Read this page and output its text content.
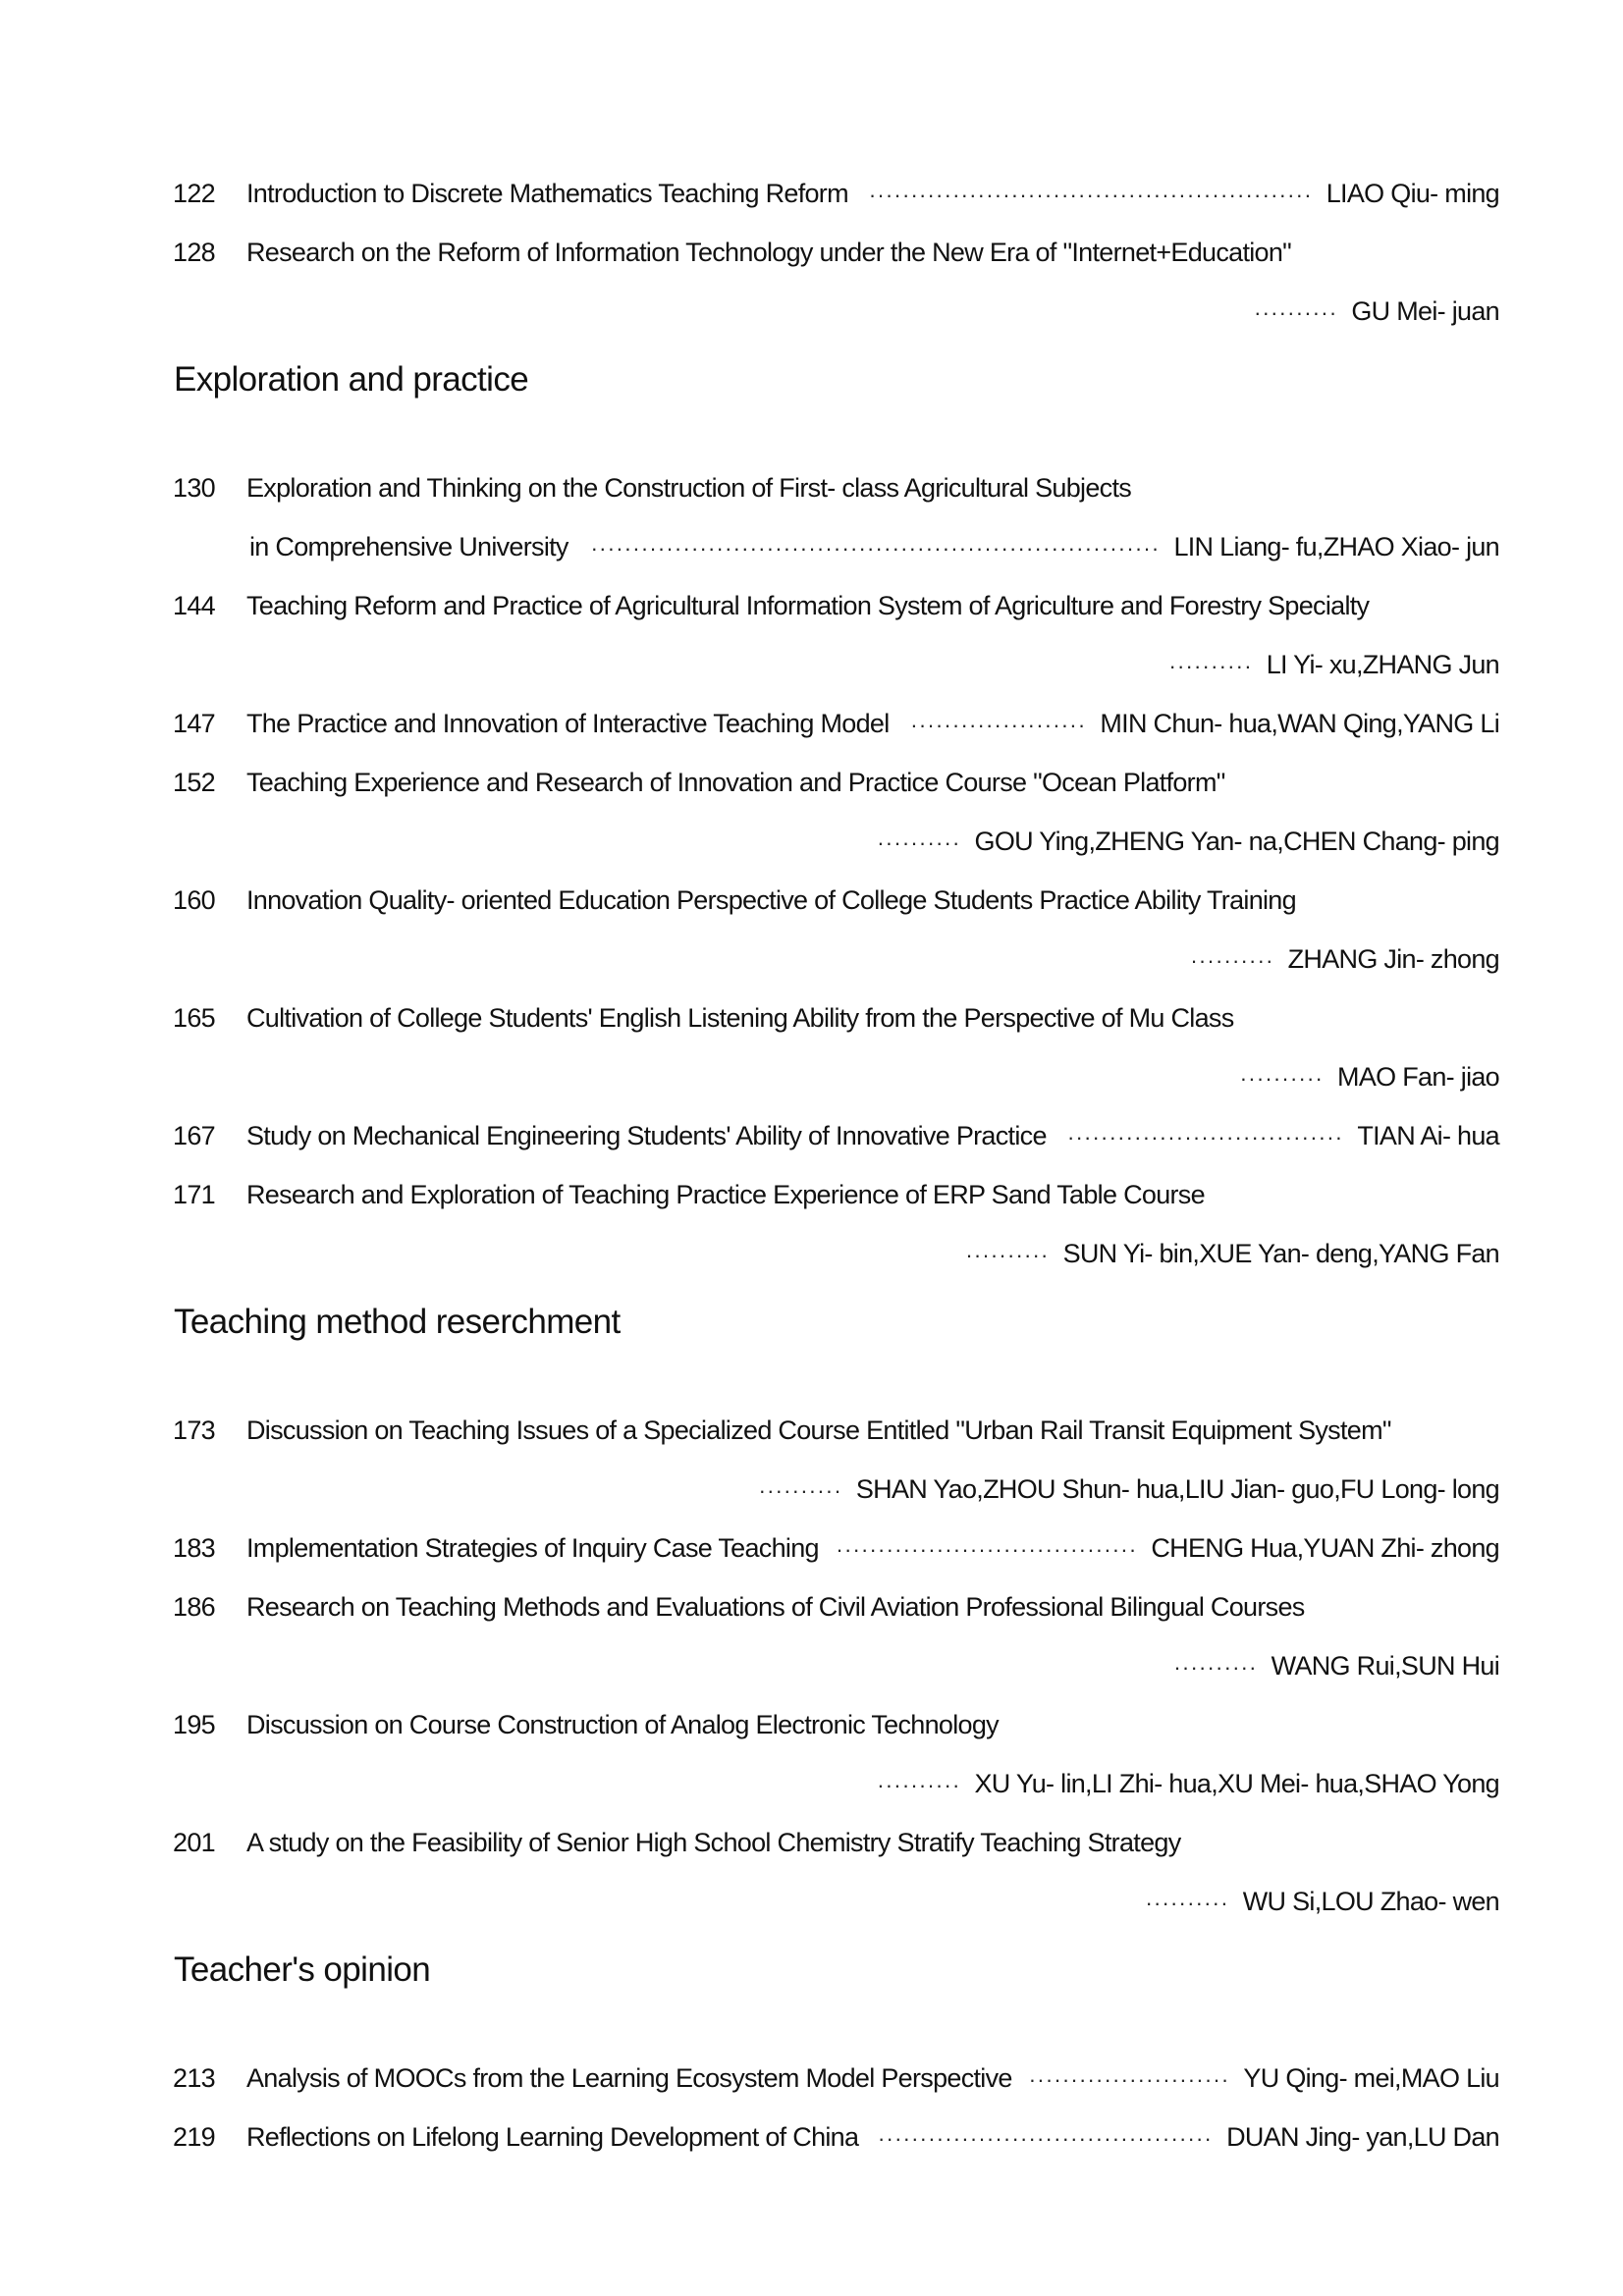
122 Introduction to Discrete Mathematics Teaching Reform ····················································· LIAO Qiu- ming
128 Research on the Reform of Information Technology under the New Era of "Internet+Education"
·········· GU Mei- juan
Exploration and practice
130 Exploration and Thinking on the Construction of First- class Agricultural Subjects
in Comprehensive University	···································································· LIN Liang- fu,ZHAO Xiao- jun
144 Teaching Reform and Practice of Agricultural Information System of Agriculture and Forestry Specialty
·········· LI Yi- xu,ZHANG Jun
147 The Practice and Innovation of Interactive Teaching Model ····················· MIN Chun- hua,WAN Qing,YANG Li
152 Teaching Experience and Research of Innovation and Practice Course "Ocean Platform"
·········· GOU Ying,ZHENG Yan- na,CHEN Chang- ping
160 Innovation Quality- oriented Education Perspective of College Students Practice Ability Training
·········· ZHANG Jin- zhong
165 Cultivation of College Students' English Listening Ability from the Perspective of Mu Class
·········· MAO Fan- jiao
167 Study on Mechanical Engineering Students' Ability of Innovative Practice ································· TIAN Ai- hua
171 Research and Exploration of Teaching Practice Experience of ERP Sand Table Course
·········· SUN Yi- bin,XUE Yan- deng,YANG Fan
Teaching method reserchment
173 Discussion on Teaching Issues of a Specialized Course Entitled "Urban Rail Transit Equipment System"
·········· SHAN Yao,ZHOU Shun- hua,LIU Jian- guo,FU Long- long
183 Implementation Strategies of Inquiry Case Teaching ···································· CHENG Hua,YUAN Zhi- zhong
186 Research on Teaching Methods and Evaluations of Civil Aviation Professional Bilingual Courses
·········· WANG Rui,SUN Hui
195 Discussion on Course Construction of Analog Electronic Technology
·········· XU Yu- lin,LI Zhi- hua,XU Mei- hua,SHAO Yong
201 A study on the Feasibility of Senior High School Chemistry Stratify Teaching Strategy
·········· WU Si,LOU Zhao- wen
Teacher's opinion
213 Analysis of MOOCs from the Learning Ecosystem Model Perspective ························ YU Qing- mei,MAO Liu
219 Reflections on Lifelong Learning Development of China ········································ DUAN Jing- yan,LU Dan
